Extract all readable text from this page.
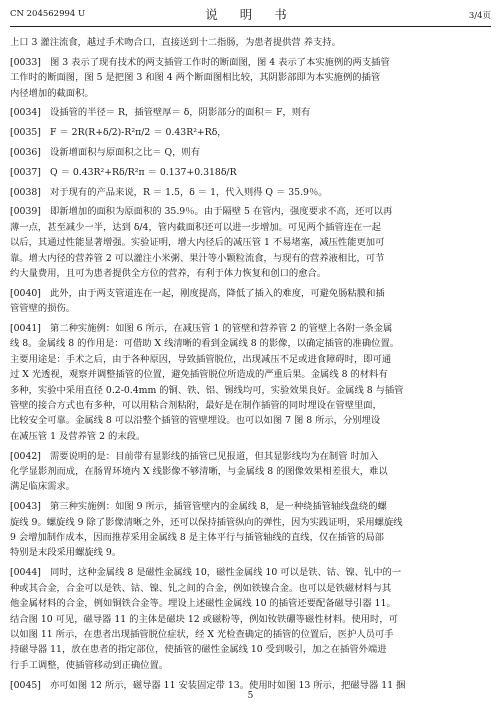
CN 204562994 U	说 明 书	3/4页
上口 3 灌注流食，越过手术吻合口，直接送到十二指肠，为患者提供营 养支持。
[0033] 图 3 表示了现有技术的两支插管工作时的断面图，图 4 表示了本实施例的两支插管
工作时的断面图，图 5 是把图 3 和图 4 两个断面图相比较，其阴影部即为本实施例的插管
内径增加的截面积。
[0034] 设插管的半径＝ R，插管壁厚＝ δ，阴影部分的面积＝ F，则有
[0035] F ＝ 2R(R+δ/2)-R²π/2 ＝ 0.43R²+Rδ，
[0036] 设新增面积与原面积之比＝ Q，则有
[0037] Q ＝ 0.43R²+Rδ/R²π ＝ 0.137+0.318δ/R
[0038] 对于现有的产品来说，R ＝ 1.5，δ ＝ 1，代入则得 Q ＝ 35.9％。
[0039] 即新增加的面积为原面积的 35.9％。由于隔壁 5 在管内，强度要求不高，还可以再
薄一点，甚至减少一半，达到 δ/4，管内截面积还可以进一步增加。可见两个插管连在一起
以后，其通过性能显著增强。实验证明，增大内径后的减压管 1 不易堵塞，减压性能更加可
靠。增大内径的营养管 2 可以灌注小米粥、果汁等小颗粒流食，与现有的营养液相比，可节
约大量费用，且可为患者提供全方位的营养，有利于体力恢复和创口的愈合。
[0040] 此外，由于两支管道连在一起，刚度提高，降低了插入的难度，可避免肠粘膜和插
管管壁的损伤。
[0041] 第二种实施例：如图 6 所示，在减压管 1 的管壁和营养管 2 的管壁上各附一条金属
线 8。金属线 8 的作用是：可借助 X 线清晰的看到金属线 8 的影像，以确定插管的准确位置。
主要用途是：手术之后，由于各种原因，导致插管脱位，出现减压不足或进食障碍时，即可通
过 X 光透视，观察并调整插管的位置，避免插管脱位所造成的严重后果。金属线 8 的材料有
多种，实验中采用直径 0.2-0.4mm 的铜、铁、铝、锡线均可，实验效果良好。金属线 8 与插管
管壁的接合方式也有多种，可以用粘合剂粘附，最好是在制作插管的同时埋设在管壁里面，
比较安全可靠。金属线 8 可以沿整个插管的管壁埋设。也可以如图 7 图 8 所示，分别埋设
在减压管 1 及营养管 2 的末段。
[0042] 需要说明的是：目前带有显影线的插管已见报道，但其显影线均为在制管 时加入
化学显影剂而成，在肠胃环境内 X 线影像不够清晰，与金属线 8 的图像效果相差很大，难以
满足临床需求。
[0043] 第三种实施例：如图 9 所示，插管管壁内的金属线 8，是一种绕插管轴线盘绕的螺
旋线 9。螺旋线 9 除了影像清晰之外，还可以保持插管纵向的弹性，因为实践证明，采用螺旋线
9 会增加制作成本，因而推荐采用金属线 8 是主体平行与插管轴线的直线，仅在插管的局部
特别是末段采用螺旋线 9。
[0044] 同时，这种金属线 8 是磁性金属线 10，磁性金属线 10 可以是铁、钴、镍、钆中的一
种或其合金，合金可以是铁、钴、镍、钆之间的合金，例如铁镍合金。也可以是铁磁材料与其
他金属材料的合金，例如铜铁合金等。埋设上述磁性金属线 10 的插管还要配备磁导引器 11。
结合图 10 可见，磁导器 11 的主体是磁块 12 或磁粉等，例如钕铁硼等磁性材料。使用时，可
以如图 11 所示，在患者出现插管脱位症状，经 X 光检查确定的插管的位置后，医护人员可手
持磁导器 11，放在患者的指定部位，使插管的磁性金属线 10 受到吸引，加之在插管外端进
行手工调整，使插管移动到正确位置。
[0045] 亦可如图 12 所示，磁导器 11 安装固定带 13。使用时如图 13 所示，把磁导器 11 捆
5
